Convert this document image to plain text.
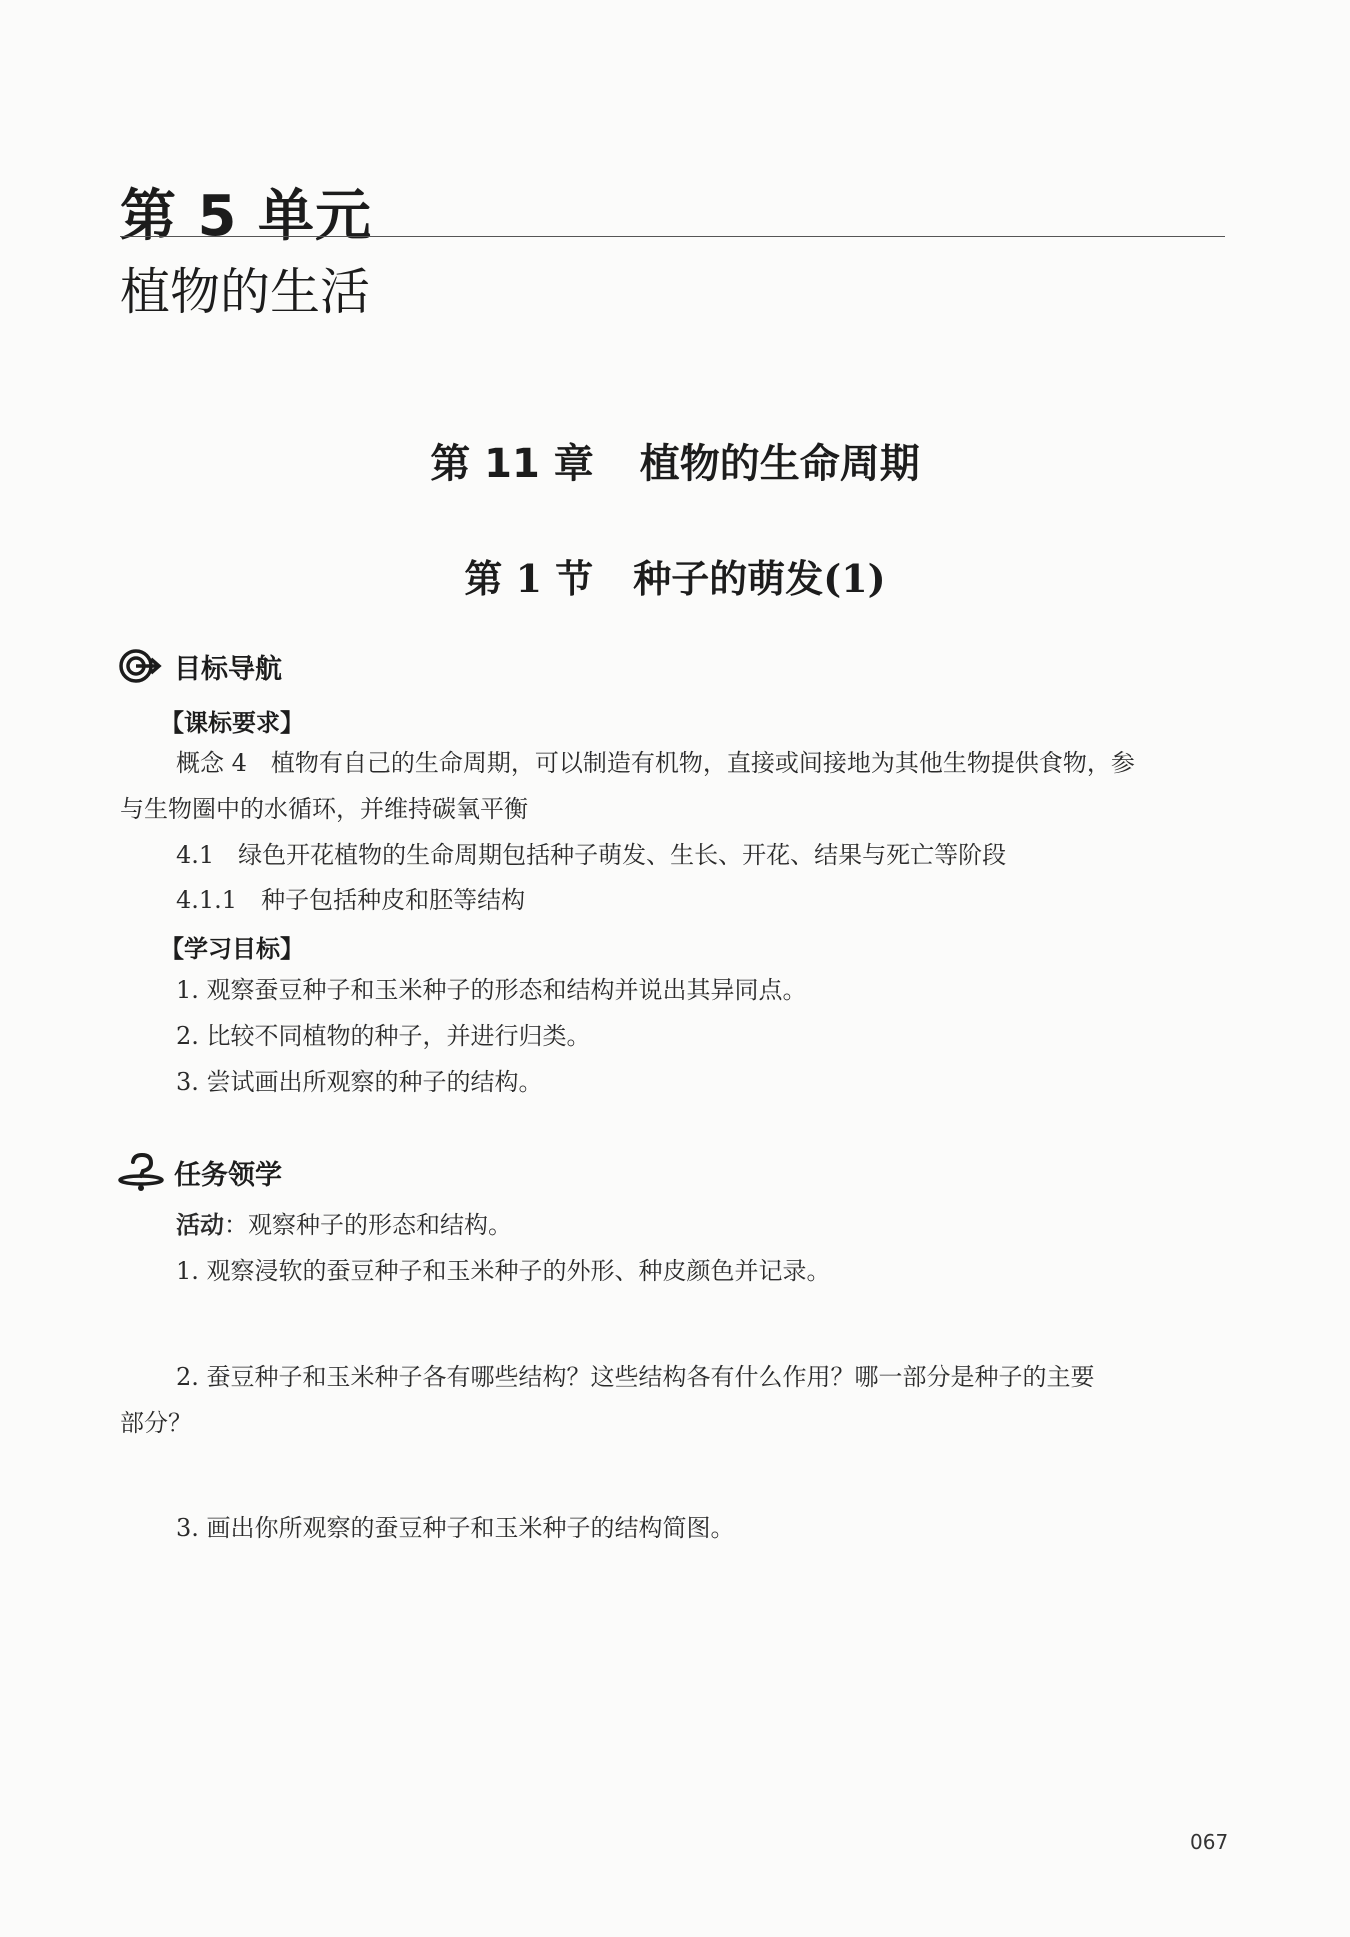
第 5 单元
植物的生活
第 11 章 植物的生命周期
第 1 节 种子的萌发(1)
目标导航
【课标要求】
概念 4　植物有自己的生命周期，可以制造有机物，直接或间接地为其他生物提供食物，参
与生物圈中的水循环，并维持碳氧平衡
4.1　绿色开花植物的生命周期包括种子萌发、生长、开花、结果与死亡等阶段
4.1.1　种子包括种皮和胚等结构
【学习目标】
1. 观察蚕豆种子和玉米种子的形态和结构并说出其异同点。
2. 比较不同植物的种子，并进行归类。
3. 尝试画出所观察的种子的结构。
任务领学
活动：观察种子的形态和结构。
1. 观察浸软的蚕豆种子和玉米种子的外形、种皮颜色并记录。
2. 蚕豆种子和玉米种子各有哪些结构？这些结构各有什么作用？哪一部分是种子的主要
部分？
3. 画出你所观察的蚕豆种子和玉米种子的结构简图。
067
